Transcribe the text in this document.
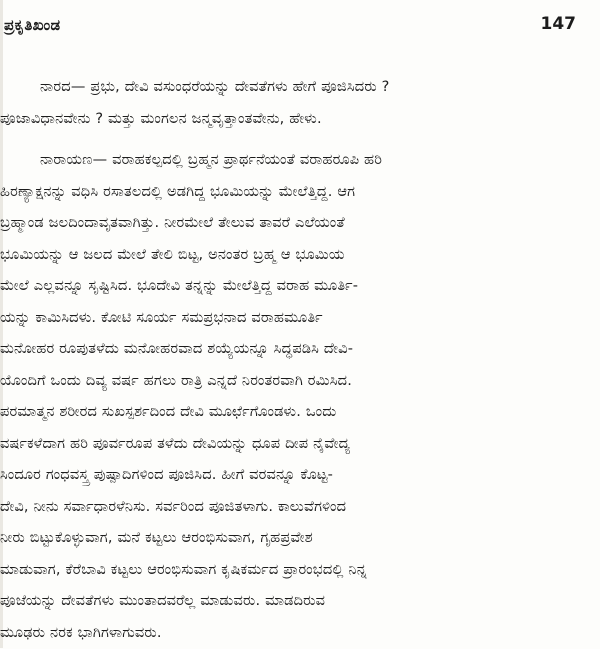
ಪ್ರಕೃತಿಖಂಡ	147
ನಾರದ— ಪ್ರಭು, ದೇವಿ ವಸುಂಧರೆಯನ್ನು ದೇವತೆಗಳು ಹೇಗೆ ಪೂಜಿಸಿದರು ?
ಪೂಜಾವಿಧಾನವೇನು ? ಮತ್ತು ಮಂಗಲನ ಜನ್ಮವೃತ್ತಾಂತವೇನು, ಹೇಳು.
ನಾರಾಯಣ— ವರಾಹಕಲ್ಪದಲ್ಲಿ ಬ್ರಹ್ಮನ ಪ್ರಾರ್ಥನೆಯಂತೆ ವರಾಹರೂಪಿ ಹರಿ
ಹಿರಣ್ಯಾಕ್ಷನನ್ನು ವಧಿಸಿ ರಸಾತಲದಲ್ಲಿ ಅಡಗಿದ್ದ ಭೂಮಿಯನ್ನು ಮೇಲೆತ್ತಿದ್ದ. ಆಗ
ಬ್ರಹ್ಮಾಂಡ ಜಲದಿಂದಾವೃತವಾಗಿತ್ತು. ನೀರಮೇಲೆ ತೇಲುವ ತಾವರೆ ಎಲೆಯಂತೆ
ಭೂಮಿಯನ್ನು ಆ ಜಲದ ಮೇಲೆ ತೇಲಿ ಬಿಟ್ಟ, ಅನಂತರ ಬ್ರಹ್ಮ ಆ ಭೂಮಿಯ
ಮೇಲೆ ಎಲ್ಲವನ್ನೂ ಸೃಷ್ಟಿಸಿದ. ಭೂದೇವಿ ತನ್ನನ್ನು ಮೇಲೆತ್ತಿದ್ದ ವರಾಹ ಮೂರ್ತಿ-
ಯನ್ನು ಕಾಮಿಸಿದಳು. ಕೋಟಿ ಸೂರ್ಯ ಸಮಪ್ರಭನಾದ ವರಾಹಮೂರ್ತಿ
ಮನೋಹರ ರೂಪುತಳೆದು ಮನೋಹರವಾದ ಶಯ್ಯೆಯನ್ನೂ ಸಿದ್ಧಪಡಿಸಿ ದೇವಿ-
ಯೊಂದಿಗೆ ಒಂದು ದಿವ್ಯ ವರ್ಷ ಹಗಲು ರಾತ್ರಿ ಎನ್ನದೆ ನಿರಂತರವಾಗಿ ರಮಿಸಿದ.
ಪರಮಾತ್ಮನ ಶರೀರದ ಸುಖಸ್ಪರ್ಶದಿಂದ ದೇವಿ ಮೂರ್ಛೆಗೊಂಡಳು. ಒಂದು
ವರ್ಷಕಳೆದಾಗ ಹರಿ ಪೂರ್ವರೂಪ ತಳೆದು ದೇವಿಯನ್ನು ಧೂಪ ದೀಪ ನೈವೇದ್ಯ
ಸಿಂದೂರ ಗಂಧವಸ್ತ್ರ ಪುಷ್ಪಾದಿಗಳಿಂದ ಪೂಜಿಸಿದ. ಹೀಗೆ ವರವನ್ನೂ ಕೊಟ್ಟ-
ದೇವಿ, ನೀನು ಸರ್ವಾಧಾರಳೆನಿಸು. ಸರ್ವರಿಂದ ಪೂಜಿತಳಾಗು. ಕಾಲುವೆಗಳಿಂದ
ನೀರು ಬಿಟ್ಟುಕೊಳ್ಳುವಾಗ, ಮನೆ ಕಟ್ಟಲು ಆರಂಭಿಸುವಾಗ, ಗೃಹಪ್ರವೇಶ
ಮಾಡುವಾಗ, ಕೆರೆಬಾವಿ ಕಟ್ಟಲು ಆರಂಭಿಸುವಾಗ ಕೃಷಿಕರ್ಮದ ಪ್ರಾರಂಭದಲ್ಲಿ ನಿನ್ನ
ಪೂಜೆಯನ್ನು ದೇವತೆಗಳು ಮುಂತಾದವರೆಲ್ಲ ಮಾಡುವರು. ಮಾಡದಿರುವ
ಮೂಢರು ನರಕ ಭಾಗಿಗಳಾಗುವರು.
